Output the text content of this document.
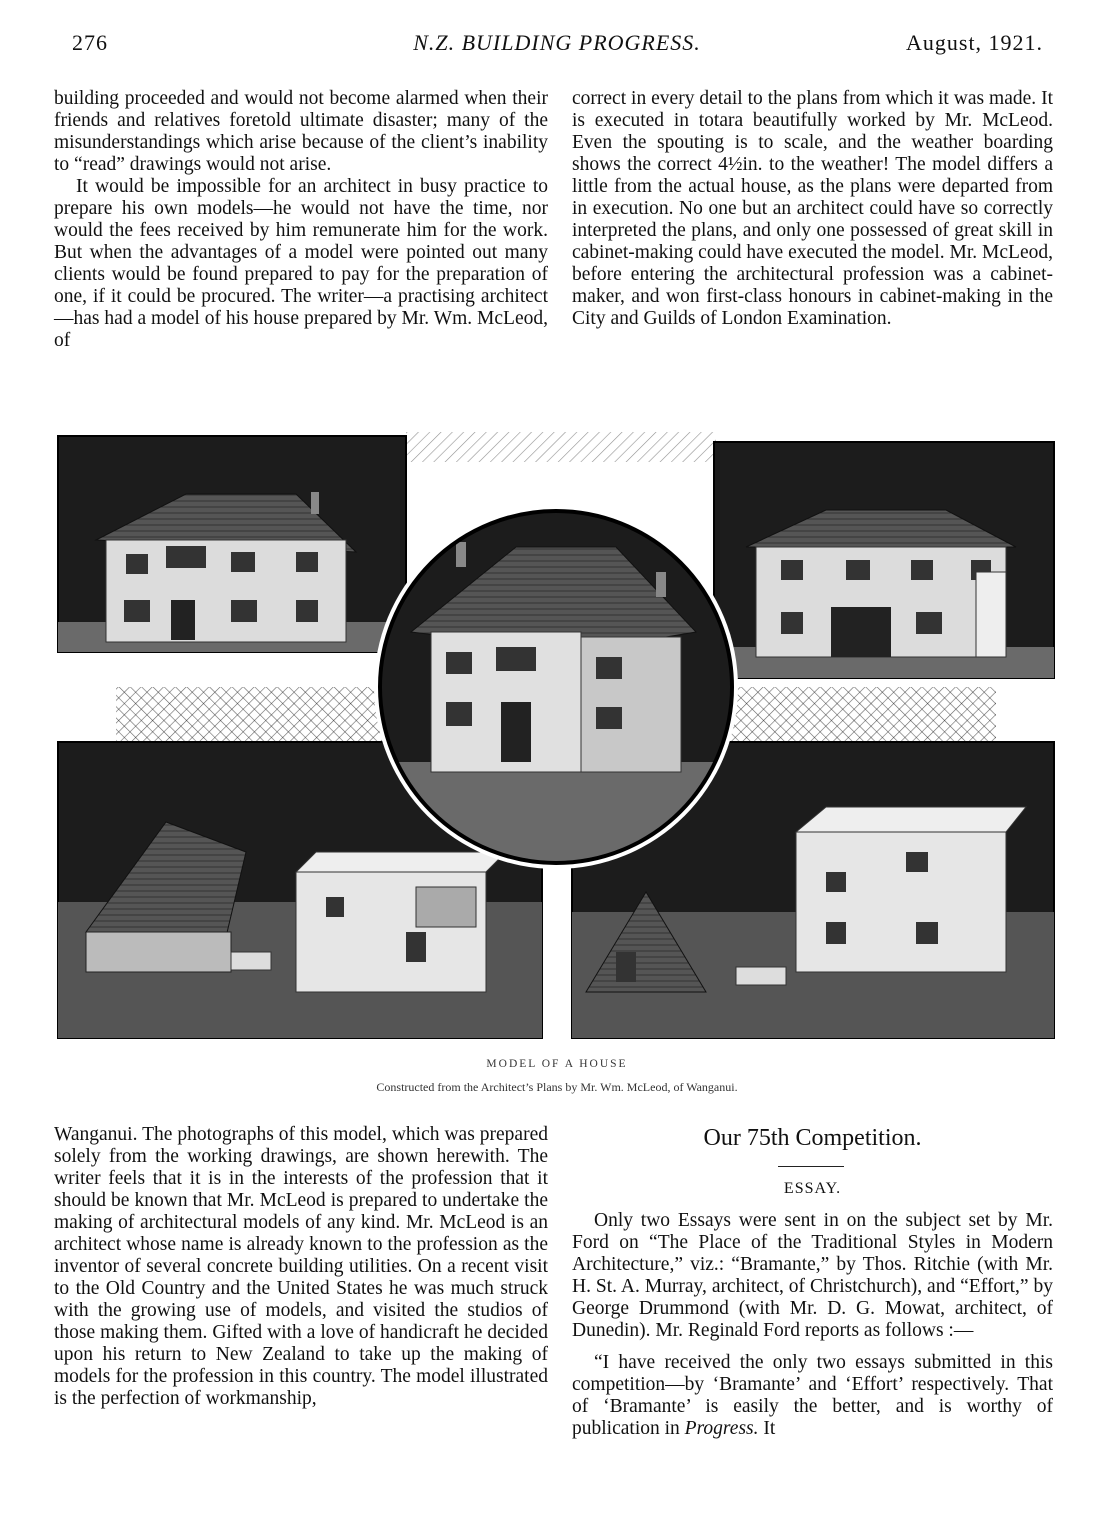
276	N.Z. BUILDING PROGRESS.	August, 1921.

building proceeded and would not become alarmed when their friends and relatives foretold ultimate disaster; many of the misunderstandings which arise because of the client’s inability to “read” drawings would not arise.

It would be impossible for an architect in busy practice to prepare his own models—he would not have the time, nor would the fees received by him remunerate him for the work. But when the advantages of a model were pointed out many clients would be found prepared to pay for the preparation of one, if it could be procured. The writer—a practising architect—has had a model of his house prepared by Mr. Wm. McLeod, of

correct in every detail to the plans from which it was made. It is executed in totara beautifully worked by Mr. McLeod. Even the spouting is to scale, and the weather boarding shows the correct 4½in. to the weather! The model differs a little from the actual house, as the plans were departed from in execution. No one but an architect could have so correctly interpreted the plans, and only one possessed of great skill in cabinet-making could have executed the model. Mr. McLeod, before entering the architectural profession was a cabinet-maker, and won first-class honours in cabinet-making in the City and Guilds of London Examination.

MODEL OF A HOUSE
Constructed from the Architect’s Plans by Mr. Wm. McLeod, of Wanganui.

Wanganui. The photographs of this model, which was prepared solely from the working drawings, are shown herewith. The writer feels that it is in the interests of the profession that it should be known that Mr. McLeod is prepared to undertake the making of architectural models of any kind. Mr. McLeod is an architect whose name is already known to the profession as the inventor of several concrete building utilities. On a recent visit to the Old Country and the United States he was much struck with the growing use of models, and visited the studios of those making them. Gifted with a love of handicraft he decided upon his return to New Zealand to take up the making of models for the profession in this country. The model illustrated is the perfection of workmanship,

Our 75th Competition.
ESSAY.

Only two Essays were sent in on the subject set by Mr. Ford on “The Place of the Traditional Styles in Modern Architecture,” viz.: “Bramante,” by Thos. Ritchie (with Mr. H. St. A. Murray, architect, of Christchurch), and “Effort,” by George Drummond (with Mr. D. G. Mowat, architect, of Dunedin). Mr. Reginald Ford reports as follows :—

“I have received the only two essays submitted in this competition—by ‘Bramante’ and ‘Effort’ respectively. That of ‘Bramante’ is easily the better, and is worthy of publication in Progress. It
